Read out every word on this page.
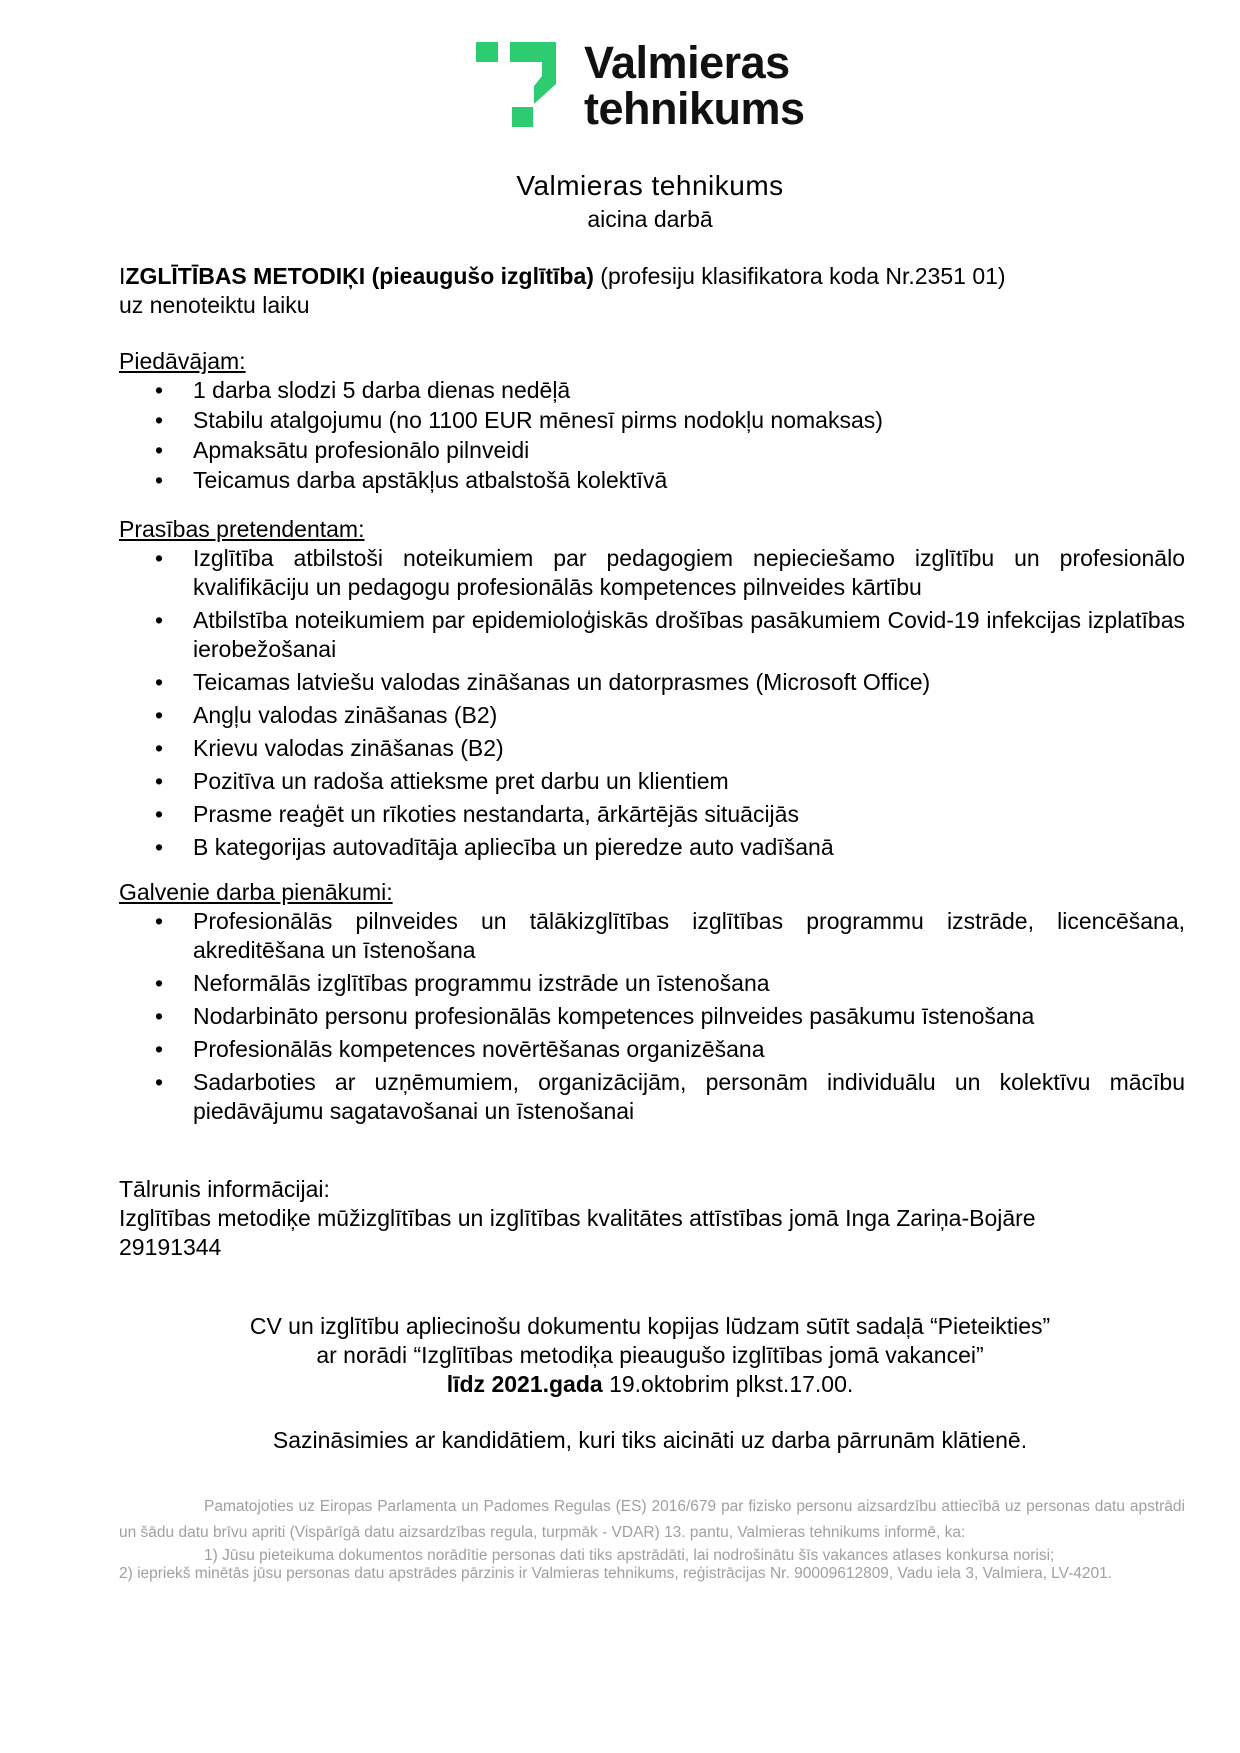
Valmieras
tehnikums
Valmieras tehnikums
aicina darbā
IZGLĪTĪBAS METODIĶI (pieaugušo izglītība) (profesiju klasifikatora koda Nr.2351 01)
uz nenoteiktu laiku
Piedāvājam:
• 1 darba slodzi 5 darba dienas nedēļā
• Stabilu atalgojumu (no 1100 EUR mēnesī pirms nodokļu nomaksas)
• Apmaksātu profesionālo pilnveidi
• Teicamus darba apstākļus atbalstošā kolektīvā
Prasības pretendentam:
• Izglītība atbilstoši noteikumiem par pedagogiem nepieciešamo izglītību un profesionālo kvalifikāciju un pedagogu profesionālās kompetences pilnveides kārtību
• Atbilstība noteikumiem par epidemioloģiskās drošības pasākumiem Covid-19 infekcijas izplatības ierobežošanai
• Teicamas latviešu valodas zināšanas un datorprasmes (Microsoft Office)
• Angļu valodas zināšanas (B2)
• Krievu valodas zināšanas (B2)
• Pozitīva un radoša attieksme pret darbu un klientiem
• Prasme reaģēt un rīkoties nestandarta, ārkārtējās situācijās
• B kategorijas autovadītāja apliecība un pieredze auto vadīšanā
Galvenie darba pienākumi:
• Profesionālās pilnveides un tālākizglītības izglītības programmu izstrāde, licencēšana, akreditēšana un īstenošana
• Neformālās izglītības programmu izstrāde un īstenošana
• Nodarbināto personu profesionālās kompetences pilnveides pasākumu īstenošana
• Profesionālās kompetences novērtēšanas organizēšana
• Sadarboties ar uzņēmumiem, organizācijām, personām individuālu un kolektīvu mācību piedāvājumu sagatavošanai un īstenošanai
Tālrunis informācijai:
Izglītības metodiķe mūžizglītības un izglītības kvalitātes attīstības jomā Inga Zariņa-Bojāre
29191344
CV un izglītību apliecinošu dokumentu kopijas lūdzam sūtīt sadaļā “Pieteikties”
ar norādi “Izglītības metodiķa pieaugušo izglītības jomā vakancei”
līdz 2021.gada 19.oktobrim plkst.17.00.
Sazināsimies ar kandidātiem, kuri tiks aicināti uz darba pārrunām klātienē.
Pamatojoties uz Eiropas Parlamenta un Padomes Regulas (ES) 2016/679 par fizisko personu aizsardzību attiecībā uz personas datu apstrādi un šādu datu brīvu apriti (Vispārīgā datu aizsardzības regula, turpmāk - VDAR) 13. pantu, Valmieras tehnikums informē, ka:
1) Jūsu pieteikuma dokumentos norādītie personas dati tiks apstrādāti, lai nodrošinātu šīs vakances atlases konkursa norisi;
2) iepriekš minētās jūsu personas datu apstrādes pārzinis ir Valmieras tehnikums, reģistrācijas Nr. 90009612809, Vadu iela 3, Valmiera, LV-4201.
